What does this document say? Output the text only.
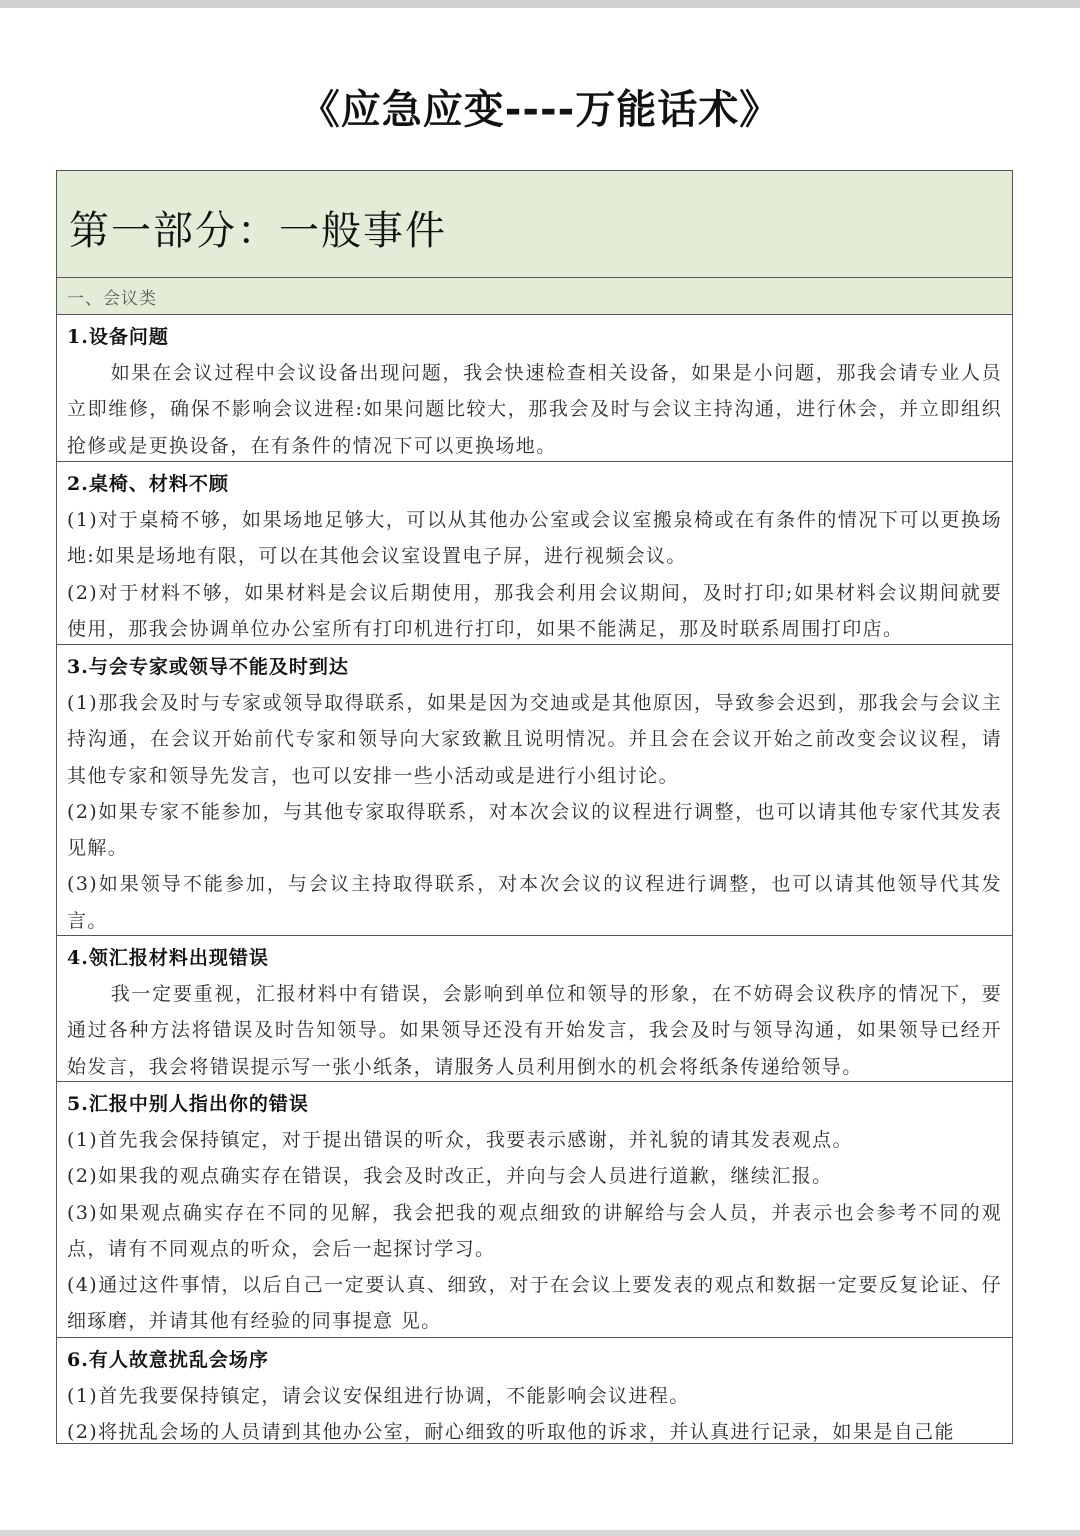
《应急应变----万能话术》
第一部分：一般事件
一、会议类
1.设备问题

如果在会议过程中会议设备出现问题，我会快速检查相关设备，如果是小问题，那我会请专业人员立即维修，确保不影响会议进程:如果问题比较大，那我会及时与会议主持沟通，进行休会，并立即组织抢修或是更换设备，在有条件的情况下可以更换场地。

2.桌椅、材料不顾

(1)对于桌椅不够，如果场地足够大，可以从其他办公室或会议室搬泉椅或在有条件的情况下可以更换场地:如果是场地有限，可以在其他会议室设置电子屏，进行视频会议。

(2)对于材料不够，如果材料是会议后期使用，那我会利用会议期间，及时打印;如果材料会议期间就要使用，那我会协调单位办公室所有打印机进行打印，如果不能满足，那及时联系周围打印店。

3.与会专家或领导不能及时到达

(1)那我会及时与专家或领导取得联系，如果是因为交迪或是其他原因，导致参会迟到，那我会与会议主持沟通，在会议开始前代专家和领导向大家致歉且说明情况。并且会在会议开始之前改变会议议程，请其他专家和领导先发言，也可以安排一些小活动或是进行小组讨论。

(2)如果专家不能参加，与其他专家取得联系，对本次会议的议程进行调整，也可以请其他专家代其发表见解。

(3)如果领导不能参加，与会议主持取得联系，对本次会议的议程进行调整，也可以请其他领导代其发言。

4.领汇报材料出现错误

我一定要重视，汇报材料中有错误，会影响到单位和领导的形象，在不妨碍会议秩序的情况下，要通过各种方法将错误及时告知领导。如果领导还没有开始发言，我会及时与领导沟通，如果领导已经开始发言，我会将错误提示写一张小纸条，请服务人员利用倒水的机会将纸条传递给领导。

5.汇报中别人指出你的错误

(1)首先我会保持镇定，对于提出错误的听众，我要表示感谢，并礼貌的请其发表观点。

(2)如果我的观点确实存在错误，我会及时改正，并向与会人员进行道歉，继续汇报。

(3)如果观点确实存在不同的见解，我会把我的观点细致的讲解给与会人员，并表示也会参考不同的观点，请有不同观点的听众，会后一起探讨学习。

(4)通过这件事情，以后自己一定要认真、细致，对于在会议上要发表的观点和数据一定要反复论证、仔细琢磨，并请其他有经验的同事提意 见。

6.有人故意扰乱会场序

(1)首先我要保持镇定，请会议安保组进行协调，不能影响会议进程。

(2)将扰乱会场的人员请到其他办公室，耐心细致的听取他的诉求，并认真进行记录，如果是自己能
